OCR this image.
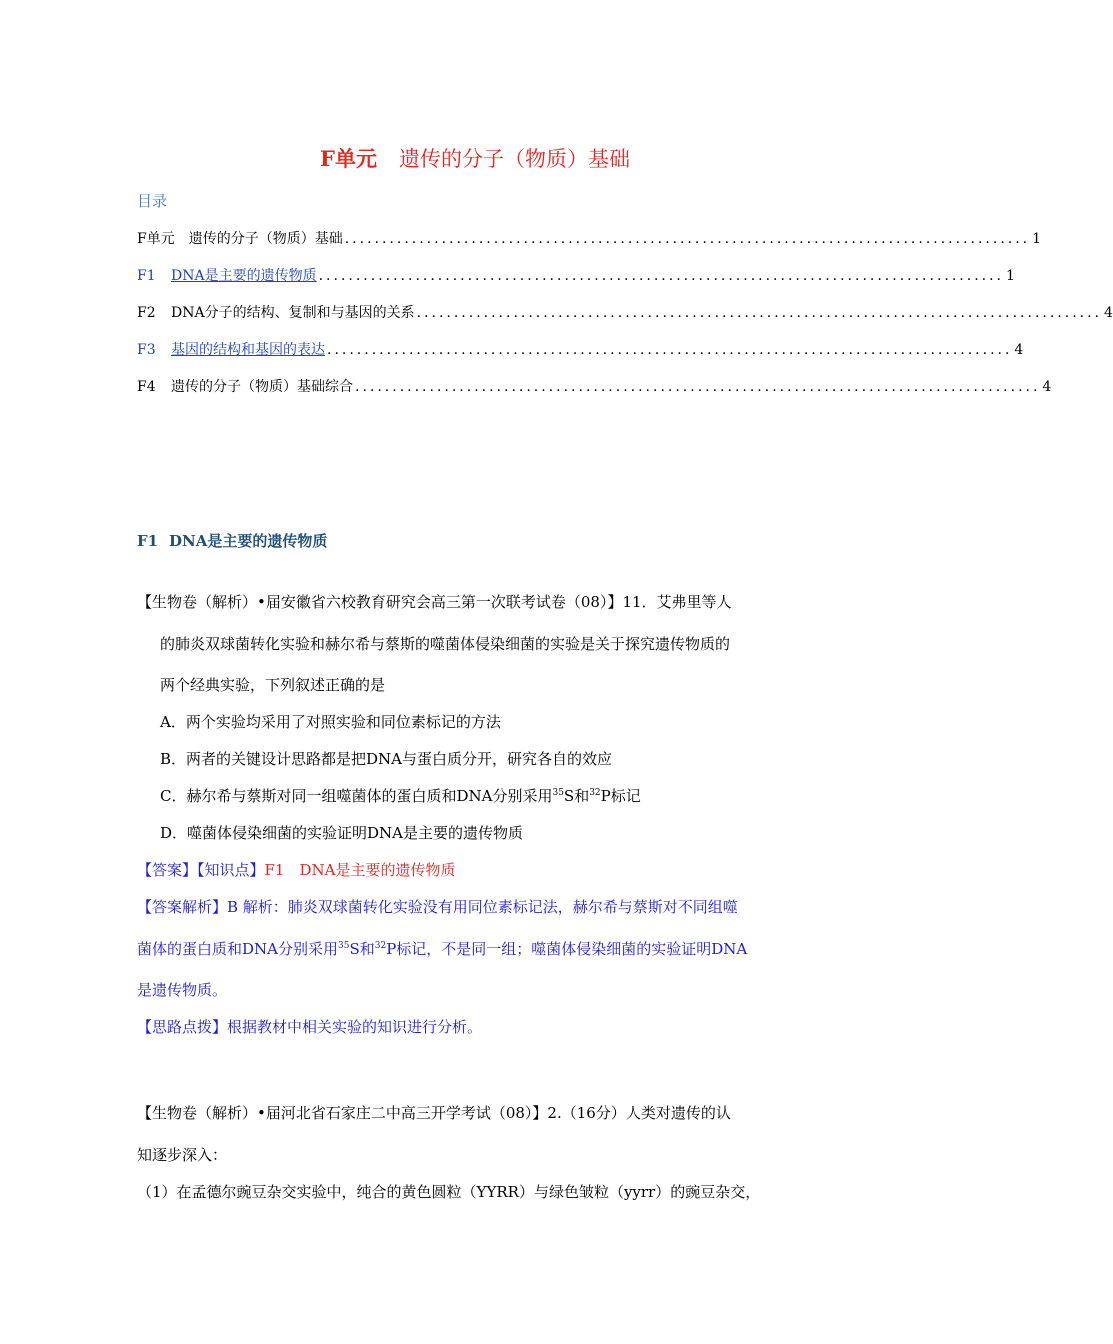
F单元 遗传的分子（物质）基础
目录
F单元　 遗传的分子（物质）基础 ............................................................................................ 1
F1 DNA是主要的遗传物质 ............................................................................................ 1
F2 DNA分子的结构、复制和与基因的关系 ............................................................................................ 4
F3 基因的结构和基因的表达 ............................................................................................ 4
F4 遗传的分子（物质）基础综合 ............................................................................................ 4
F1 DNA是主要的遗传物质
【生物卷（解析）•届安徽省六校教育研究会高三第一次联考试卷（08）】11．艾弗里等人
的肺炎双球菌转化实验和赫尔希与蔡斯的噬菌体侵染细菌的实验是关于探究遗传物质的
两个经典实验，下列叙述正确的是
A．两个实验均采用了对照实验和同位素标记的方法
B．两者的关键设计思路都是把DNA与蛋白质分开，研究各自的效应
C．赫尔希与蔡斯对同一组噬菌体的蛋白质和DNA分别采用$^{35}$S和$^{32}$P标记
D．噬菌体侵染细菌的实验证明DNA是主要的遗传物质
【答案】【知识点】F1　DNA是主要的遗传物质
【答案解析】B 解析：肺炎双球菌转化实验没有用同位素标记法，赫尔希与蔡斯对不同组噬
菌体的蛋白质和DNA分别采用$^{35}$S和$^{32}$P标记，不是同一组；噬菌体侵染细菌的实验证明DNA
是遗传物质。
【思路点拨】根据教材中相关实验的知识进行分析。
【生物卷（解析）•届河北省石家庄二中高三开学考试（08）】2.（16分）人类对遗传的认
知逐步深入：
（1）在孟德尔豌豆杂交实验中，纯合的黄色圆粒（YYRR）与绿色皱粒（yyrr）的豌豆杂交，
